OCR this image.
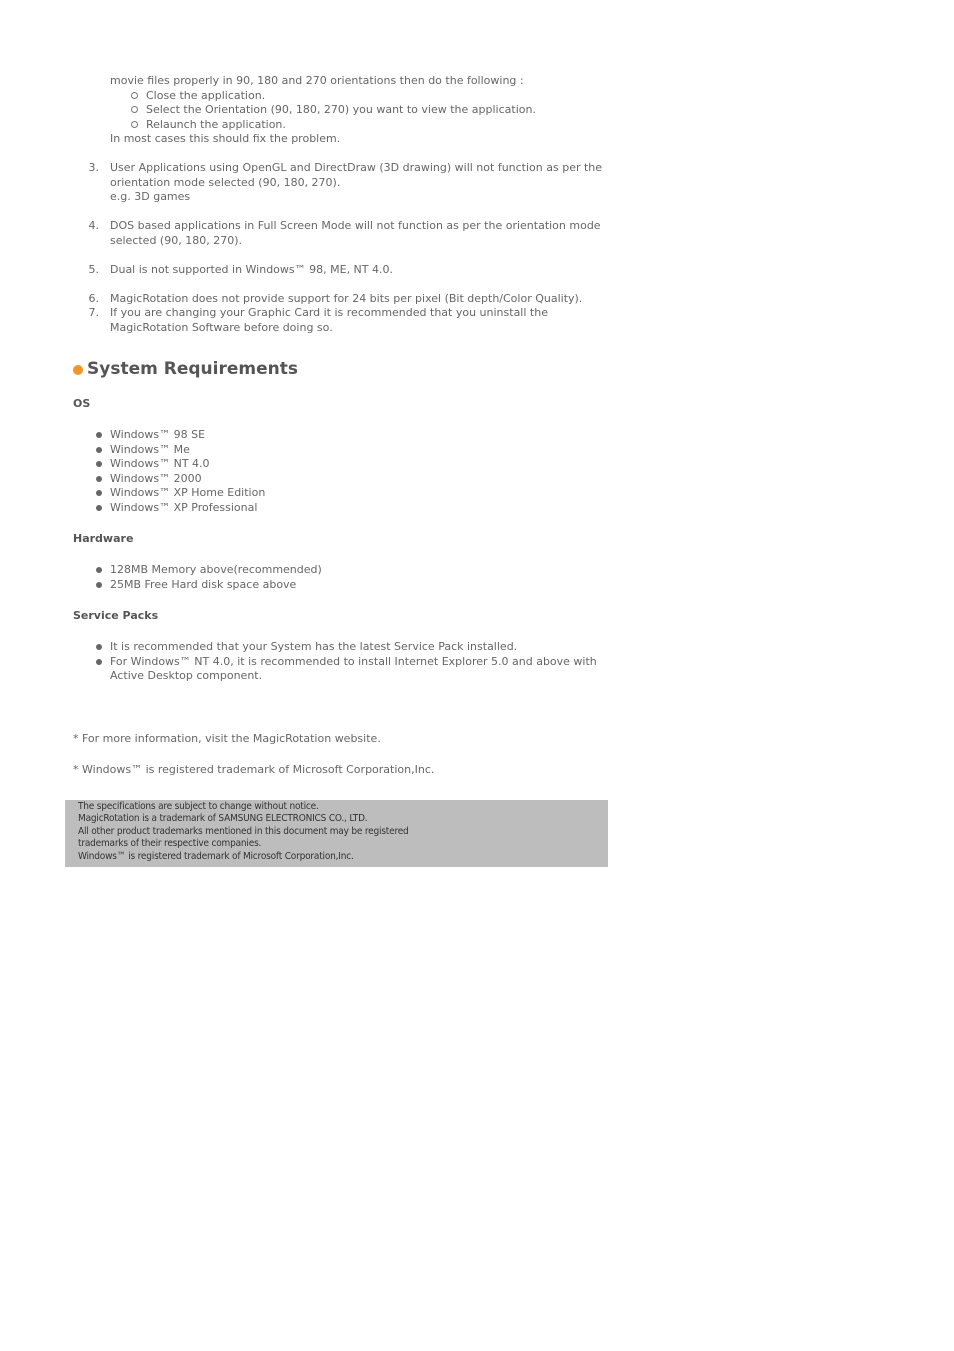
movie files properly in 90, 180 and 270 orientations then do the following :
Close the application.
Select the Orientation (90, 180, 270) you want to view the application.
Relaunch the application.
In most cases this should fix the problem.
3. User Applications using OpenGL and DirectDraw (3D drawing) will not function as per the
orientation mode selected (90, 180, 270).
e.g. 3D games
4. DOS based applications in Full Screen Mode will not function as per the orientation mode
selected (90, 180, 270).
5. Dual is not supported in Windows™ 98, ME, NT 4.0.
6. MagicRotation does not provide support for 24 bits per pixel (Bit depth/Color Quality).
7. If you are changing your Graphic Card it is recommended that you uninstall the
MagicRotation Software before doing so.
System Requirements
OS
Windows™ 98 SE
Windows™ Me
Windows™ NT 4.0
Windows™ 2000
Windows™ XP Home Edition
Windows™ XP Professional
Hardware
128MB Memory above(recommended)
25MB Free Hard disk space above
Service Packs
It is recommended that your System has the latest Service Pack installed.
For Windows™ NT 4.0, it is recommended to install Internet Explorer 5.0 and above with
Active Desktop component.
* For more information, visit the MagicRotation website.
* Windows™ is registered trademark of Microsoft Corporation,Inc.
The specifications are subject to change without notice.
MagicRotation is a trademark of SAMSUNG ELECTRONICS CO., LTD.
All other product trademarks mentioned in this document may be registered
trademarks of their respective companies.
Windows™ is registered trademark of Microsoft Corporation,Inc.
